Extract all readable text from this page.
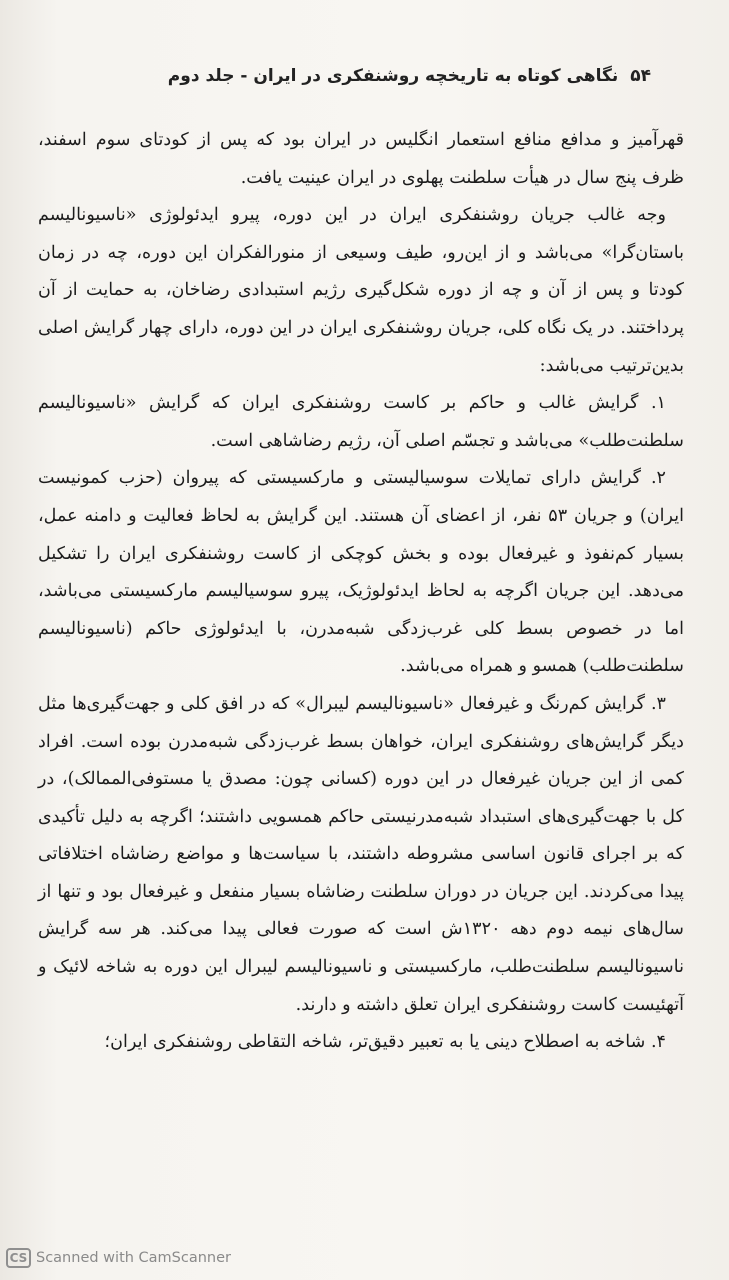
۵۴
نگاهی کوتاه به تاریخچه روشنفکری در ایران - جلد دوم

قهرآمیز و مدافع منافع استعمار انگلیس در ایران بود که پس از کودتای سوم اسفند، ظرف پنج سال در هیأت سلطنت پهلوی در ایران عینیت یافت.

وجه غالب جریان روشنفکری ایران در این دوره، پیرو ایدئولوژی «ناسیونالیسم باستان‌گرا» می‌باشد و از این‌رو، طیف وسیعی از منورالفکران این دوره، چه در زمان کودتا و پس از آن و چه از دوره شکل‌گیری رژیم استبدادی رضاخان، به حمایت از آن پرداختند. در یک نگاه کلی، جریان روشنفکری ایران در این دوره، دارای چهار گرایش اصلی بدین‌ترتیب می‌باشد:

۱. گرایش غالب و حاکم بر کاست روشنفکری ایران که گرایش «ناسیونالیسم سلطنت‌طلب» می‌باشد و تجسّم اصلی آن، رژیم رضاشاهی است.

۲. گرایش دارای تمایلات سوسیالیستی و مارکسیستی که پیروان (حزب کمونیست ایران) و جریان ۵۳ نفر، از اعضای آن هستند. این گرایش به لحاظ فعالیت و دامنه عمل، بسیار کم‌نفوذ و غیرفعال بوده و بخش کوچکی از کاست روشنفکری ایران را تشکیل می‌دهد. این جریان اگرچه به لحاظ ایدئولوژیک، پیرو سوسیالیسم مارکسیستی می‌باشد، اما در خصوص بسط کلی غرب‌زدگی شبه‌مدرن، با ایدئولوژی حاکم (ناسیونالیسم سلطنت‌طلب) همسو و همراه می‌باشد.

۳. گرایش کم‌رنگ و غیرفعال «ناسیونالیسم لیبرال» که در افق کلی و جهت‌گیری‌ها مثل دیگر گرایش‌های روشنفکری ایران، خواهان بسط غرب‌زدگی شبه‌مدرن بوده است. افراد کمی از این جریان غیرفعال در این دوره (کسانی چون: مصدق یا مستوفی‌الممالک)، در کل با جهت‌گیری‌های استبداد شبه‌مدرنیستی حاکم همسویی داشتند؛ اگرچه به دلیل تأکیدی که بر اجرای قانون اساسی مشروطه داشتند، با سیاست‌ها و مواضع رضاشاه اختلافاتی پیدا می‌کردند. این جریان در دوران سلطنت رضاشاه بسیار منفعل و غیرفعال بود و تنها از سال‌های نیمه دوم دهه ۱۳۲۰ش است که صورت فعالی پیدا می‌کند. هر سه گرایش ناسیونالیسم سلطنت‌طلب، مارکسیستی و ناسیونالیسم لیبرال این دوره به شاخه لائیک و آتهئیست کاست روشنفکری ایران تعلق داشته و دارند.

۴. شاخه به اصطلاح دینی یا به تعبیر دقیق‌تر، شاخه التقاطی روشنفکری ایران؛

CS Scanned with CamScanner
